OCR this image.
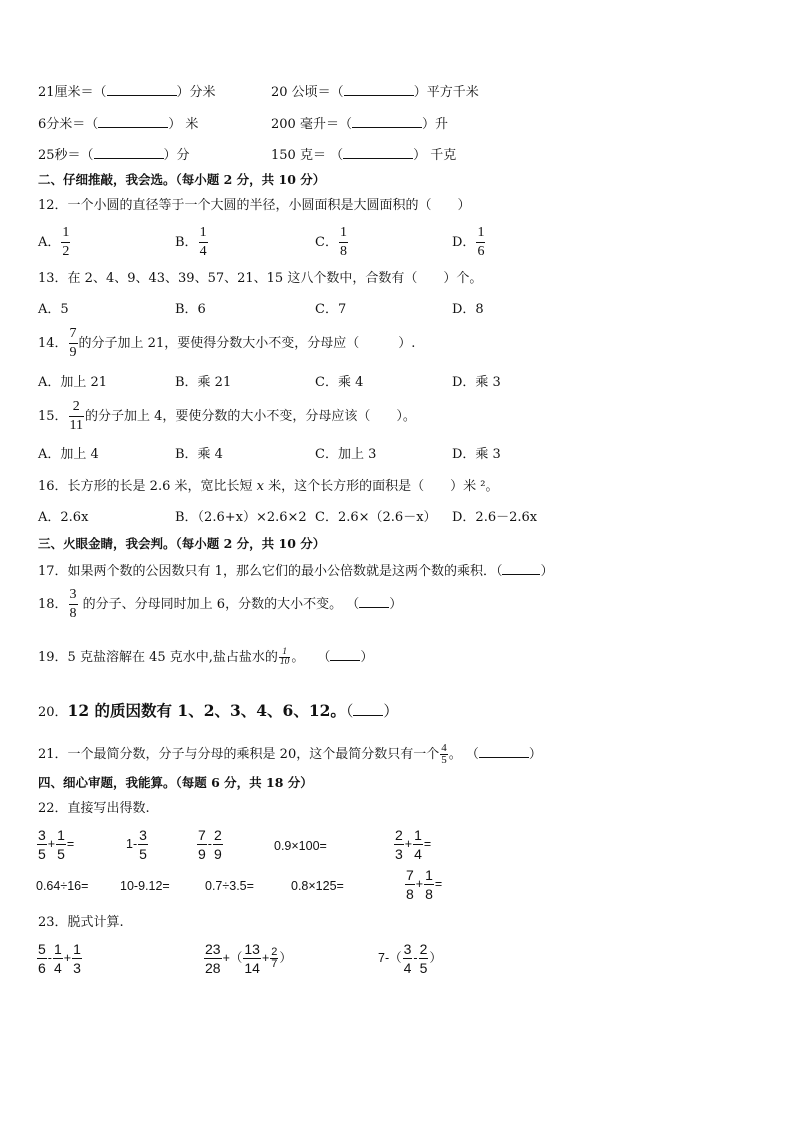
21厘米＝（	）分米	20 公顷＝（	）平方千米
6分米＝（	） 米	200 毫升＝（	）升
25秒＝（	）分	150 克＝ （	） 千克
二、仔细推敲，我会选。（每小题 2 分，共 10 分）
12．一个小圆的直径等于一个大圆的半径，小圆面积是大圆面积的（　　）
A． $\frac{1}{2}$	B． $\frac{1}{4}$	C． $\frac{1}{8}$	D． $\frac{1}{6}$
13．在 2、4、9、43、39、57、21、15 这八个数中，合数有（　　）个。
A．5	B．6	C．7	D．8
14． $\frac{7}{9}$ 的分子加上 21，要使得分数大小不变，分母应（　　　）.
A．加上 21	B．乘 21	C．乘 4	D．乘 3
15． $\frac{2}{11}$ 的分子加上 4，要使分数的大小不变，分母应该（　　）。
A．加上 4	B．乘 4	C．加上 3	D．乘 3
16．长方形的长是 2.6 米，宽比长短 x 米，这个长方形的面积是（　　）米 ²。
A．2.6x	B．（2.6+x）×2.6×2 C．2.6×（2.6－x） D．2.6－2.6x
三、火眼金睛，我会判。（每小题 2 分，共 10 分）
17．如果两个数的公因数只有 1，那么它们的最小公倍数就是这两个数的乘积．（	）
18． $\frac{3}{8}$ 的分子、分母同时加上 6，分数的大小不变。 （ ）
19．5 克盐溶解在 45 克水中,盐占盐水的 $\frac{1}{10}$ 。　　（ ）
20．12 的质因数有 1、2、3、4、6、12。（ ）
21．一个最简分数，分子与分母的乘积是 20，这个最简分数只有一个 $\frac{4}{5}$ 。 （	）
四、细心审题，我能算。（每题 6 分，共 18 分）
22．直接写出得数.
$\frac{3}{5} + \frac{1}{5}$ =	$1- \frac{3}{5}$	$\frac{7}{9} - \frac{2}{9}$	0.9×100=	$\frac{2}{3} + \frac{1}{4}$ =
0.64÷16=	10-9.12=	0.7÷3.5=	0.8×125=	$\frac{7}{8} + \frac{1}{8}$ =
23．脱式计算.
$\frac{5}{6} - \frac{1}{4} + \frac{1}{3}$	$\frac{23}{28}$ +（ $\frac{13}{14} + \frac{2}{7}$ ）	$7-( \frac{3}{4} - \frac{2}{5}$ ）
